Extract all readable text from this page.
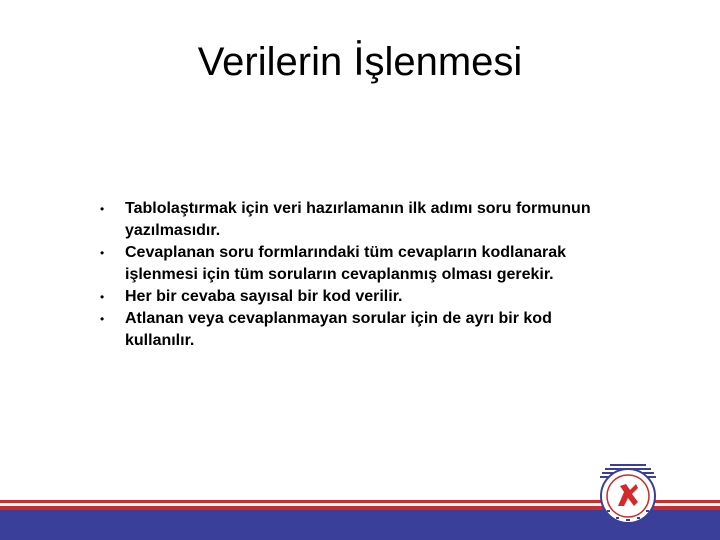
Verilerin İşlenmesi
• Tablolaştırmak için veri hazırlamanın ilk adımı soru formunun yazılmasıdır.
• Cevaplanan soru formlarındaki tüm cevapların kodlanarak işlenmesi için tüm soruların cevaplanmış olması gerekir.
• Her bir cevaba sayısal bir kod verilir.
• Atlanan veya cevaplanmayan sorular için de ayrı bir kod kullanılır.
